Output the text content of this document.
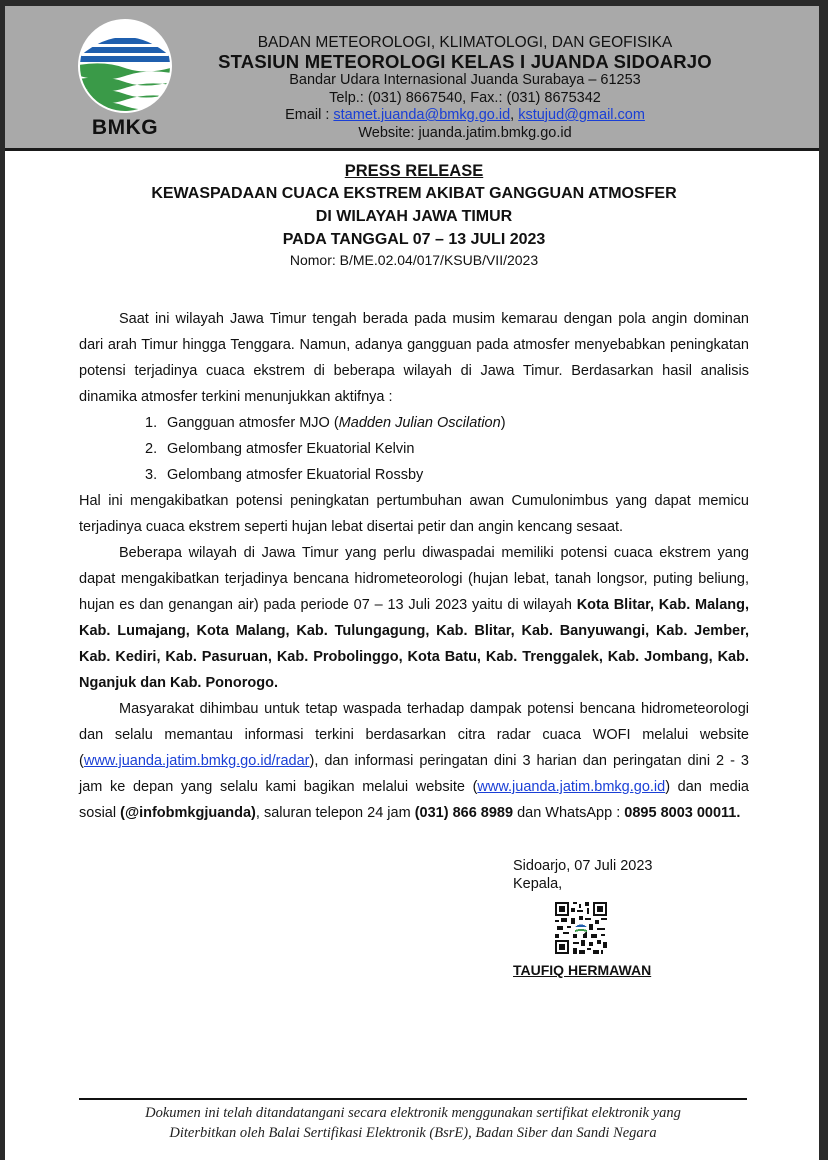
BMKG
BADAN METEOROLOGI, KLIMATOLOGI, DAN GEOFISIKA
STASIUN METEOROLOGI KELAS I JUANDA SIDOARJO
Bandar Udara Internasional Juanda Surabaya – 61253
Telp.: (031) 8667540, Fax.: (031) 8675342
Email : stamet.juanda@bmkg.go.id, kstujud@gmail.com
Website: juanda.jatim.bmkg.go.id
PRESS RELEASE
KEWASPADAAN CUACA EKSTREM AKIBAT GANGGUAN ATMOSFER
DI WILAYAH JAWA TIMUR
PADA TANGGAL 07 – 13 JULI 2023
Nomor: B/ME.02.04/017/KSUB/VII/2023

Saat ini wilayah Jawa Timur tengah berada pada musim kemarau dengan pola angin dominan dari arah Timur hingga Tenggara. Namun, adanya gangguan pada atmosfer menyebabkan peningkatan potensi terjadinya cuaca ekstrem di beberapa wilayah di Jawa Timur. Berdasarkan hasil analisis dinamika atmosfer terkini menunjukkan aktifnya :

1. Gangguan atmosfer MJO (Madden Julian Oscilation)
2. Gelombang atmosfer Ekuatorial Kelvin
3. Gelombang atmosfer Ekuatorial Rossby

Hal ini mengakibatkan potensi peningkatan pertumbuhan awan Cumulonimbus yang dapat memicu terjadinya cuaca ekstrem seperti hujan lebat disertai petir dan angin kencang sesaat.

Beberapa wilayah di Jawa Timur yang perlu diwaspadai memiliki potensi cuaca ekstrem yang dapat mengakibatkan terjadinya bencana hidrometeorologi (hujan lebat, tanah longsor, puting beliung, hujan es dan genangan air) pada periode 07 – 13 Juli 2023 yaitu di wilayah Kota Blitar, Kab. Malang, Kab. Lumajang, Kota Malang, Kab. Tulungagung, Kab. Blitar, Kab. Banyuwangi, Kab. Jember, Kab. Kediri, Kab. Pasuruan, Kab. Probolinggo, Kota Batu, Kab. Trenggalek, Kab. Jombang, Kab. Nganjuk dan Kab. Ponorogo.

Masyarakat dihimbau untuk tetap waspada terhadap dampak potensi bencana hidrometeorologi dan selalu memantau informasi terkini berdasarkan citra radar cuaca WOFI melalui website (www.juanda.jatim.bmkg.go.id/radar), dan informasi peringatan dini 3 harian dan peringatan dini 2 - 3 jam ke depan yang selalu kami bagikan melalui website (www.juanda.jatim.bmkg.go.id) dan media sosial (@infobmkgjuanda), saluran telepon 24 jam (031) 866 8989 dan WhatsApp : 0895 8003 00011.

Sidoarjo, 07 Juli 2023
Kepala,
TAUFIQ HERMAWAN
Dokumen ini telah ditandatangani secara elektronik menggunakan sertifikat elektronik yang
Diterbitkan oleh Balai Sertifikasi Elektronik (BsrE), Badan Siber dan Sandi Negara
